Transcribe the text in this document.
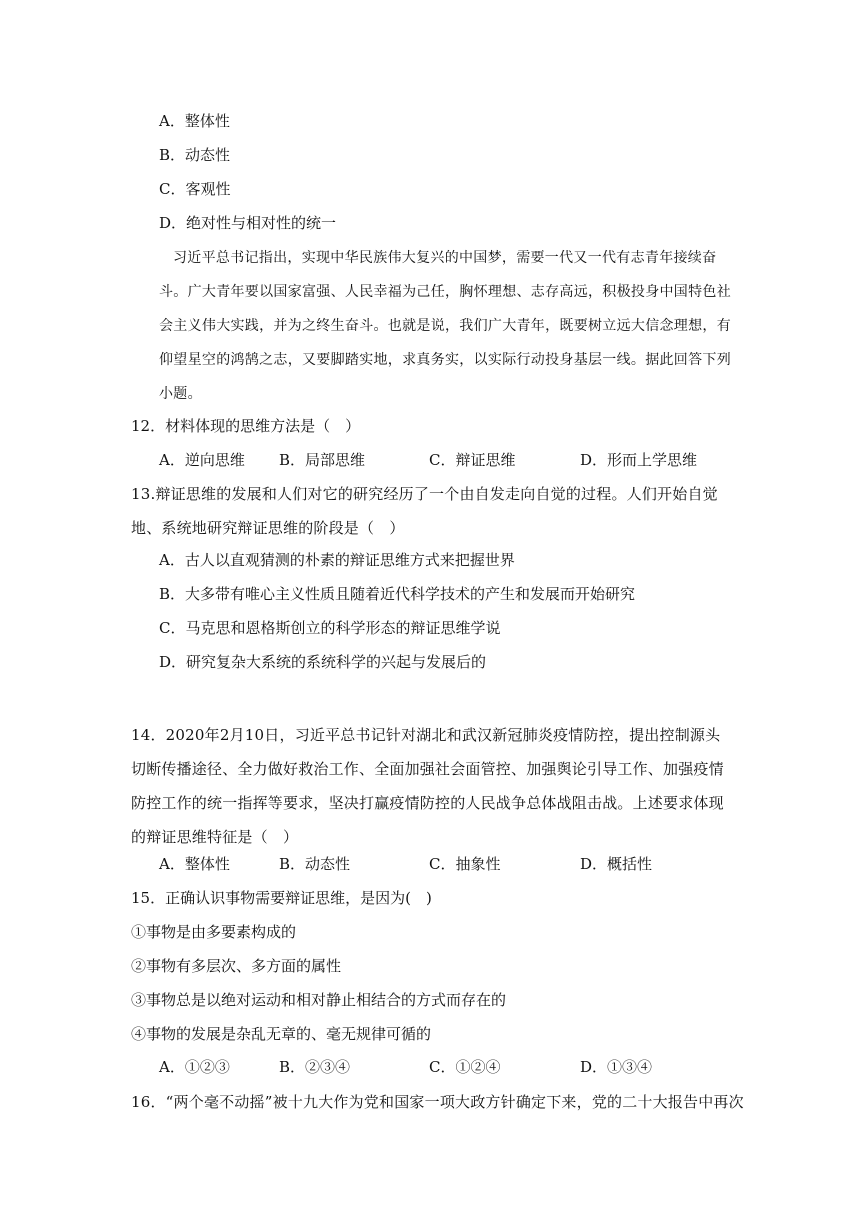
A．整体性
B．动态性
C．客观性
D．绝对性与相对性的统一
习近平总书记指出，实现中华民族伟大复兴的中国梦，需要一代又一代有志青年接续奋斗。广大青年要以国家富强、人民幸福为己任，胸怀理想、志存高远，积极投身中国特色社会主义伟大实践，并为之终生奋斗。也就是说，我们广大青年，既要树立远大信念理想，有仰望星空的鸿鹄之志，又要脚踏实地，求真务实，以实际行动投身基层一线。据此回答下列小题。
12．材料体现的思维方法是（　）
A．逆向思维 B．局部思维	C．辩证思维	D．形而上学思维
13.辩证思维的发展和人们对它的研究经历了一个由自发走向自觉的过程。人们开始自觉地、系统地研究辩证思维的阶段是（　）
A．古人以直观猜测的朴素的辩证思维方式来把握世界
B．大多带有唯心主义性质且随着近代科学技术的产生和发展而开始研究
C．马克思和恩格斯创立的科学形态的辩证思维学说
D．研究复杂大系统的系统科学的兴起与发展后的
14．2020年2月10日，习近平总书记针对湖北和武汉新冠肺炎疫情防控，提出控制源头切断传播途径、全力做好救治工作、全面加强社会面管控、加强舆论引导工作、加强疫情防控工作的统一指挥等要求，坚决打赢疫情防控的人民战争总体战阻击战。上述要求体现的辩证思维特征是（　）
A．整体性	B．动态性	C．抽象性	D．概括性
15．正确认识事物需要辩证思维，是因为(　)
①事物是由多要素构成的
②事物有多层次、多方面的属性
③事物总是以绝对运动和相对静止相结合的方式而存在的
④事物的发展是杂乱无章的、毫无规律可循的
A．①②③	B．②③④	C．①②④	D．①③④
16．“两个毫不动摇”被十九大作为党和国家一项大政方针确定下来，党的二十大报告中再次
